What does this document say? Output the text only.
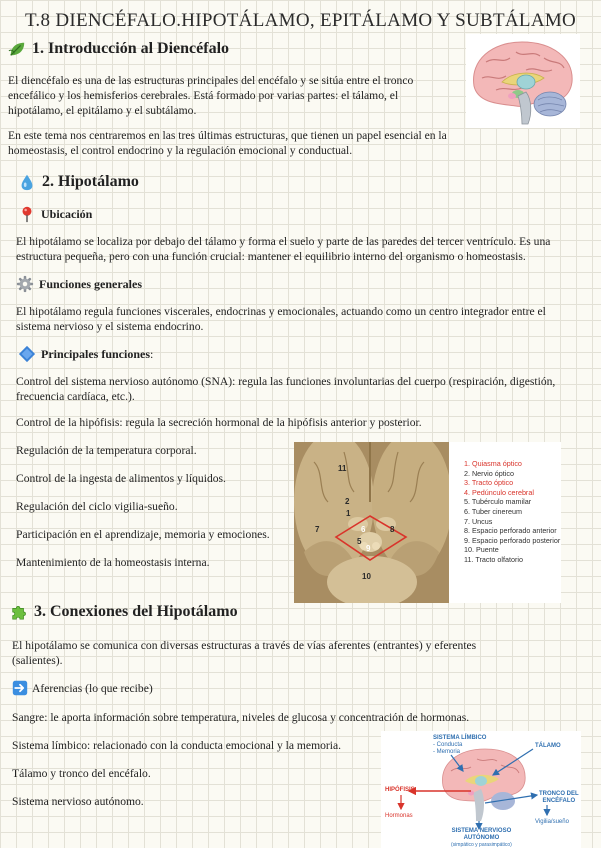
T.8 DIENCÉFALO.HIPOTÁLAMO, EPITÁLAMO Y SUBTÁLAMO
1. Introducción al Diencéfalo
El diencéfalo es una de las estructuras principales del encéfalo y se sitúa entre el tronco
encefálico y los hemisferios cerebrales. Está formado por varias partes: el tálamo, el
hipotálamo, el epitálamo y el subtálamo.
En este tema nos centraremos en las tres últimas estructuras, que tienen un papel esencial en la
homeostasis, el control endocrino y la regulación emocional y conductual.
2. Hipotálamo
Ubicación
El hipotálamo se localiza por debajo del tálamo y forma el suelo y parte de las paredes del tercer ventrículo. Es una
estructura pequeña, pero con una función crucial: mantener el equilibrio interno del organismo o homeostasis.
Funciones generales
El hipotálamo regula funciones viscerales, endocrinas y emocionales, actuando como un centro integrador entre el
sistema nervioso y el sistema endocrino.
Principales funciones:
Control del sistema nervioso autónomo (SNA): regula las funciones involuntarias del cuerpo (respiración, digestión,
frecuencia cardíaca, etc.).
Control de la hipófisis: regula la secreción hormonal de la hipófisis anterior y posterior.
Regulación de la temperatura corporal.
Control de la ingesta de alimentos y líquidos.
Regulación del ciclo vigilia-sueño.
Participación en el aprendizaje, memoria y emociones.
Mantenimiento de la homeostasis interna.
11
2
1
7	6
5
9
10
8
1. Quiasma óptico
2. Nervio óptico
3. Tracto óptico
4. Pedúnculo cerebral
5. Tubérculo mamilar
6. Tuber cinereum
7. Uncus
8. Espacio perforado anterior
9. Espacio perforado posterior
10. Puente
11. Tracto olfatorio
3. Conexiones del Hipotálamo
El hipotálamo se comunica con diversas estructuras a través de vías aferentes (entrantes) y eferentes
(salientes).
Aferencias (lo que recibe)
Sangre: le aporta información sobre temperatura, niveles de glucosa y concentración de hormonas.
Sistema límbico: relacionado con la conducta emocional y la memoria.
Tálamo y tronco del encéfalo.
Sistema nervioso autónomo.
SISTEMA LÍMBICO
- Conducta
- Memoria
TÁLAMO
HIPÓFISIS
Hormonas
TRONCO DEL
ENCÉFALO
Vigilia/sueño
SISTEMA NERVIOSO
AUTÓNOMO
(simpático y parasimpático)
